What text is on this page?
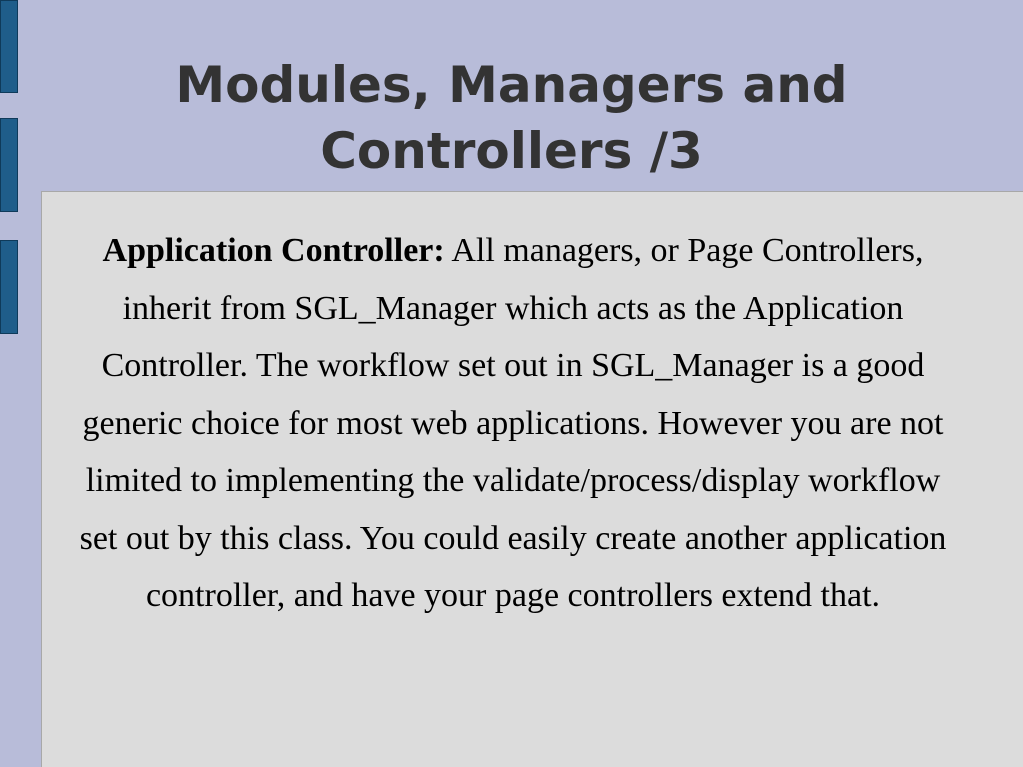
Modules, Managers and
Controllers /3

Application Controller: All managers, or Page Controllers, inherit from SGL_Manager which acts as the Application Controller. The workflow set out in SGL_Manager is a good generic choice for most web applications. However you are not limited to implementing the validate/process/display workflow set out by this class. You could easily create another application controller, and have your page controllers extend that.
